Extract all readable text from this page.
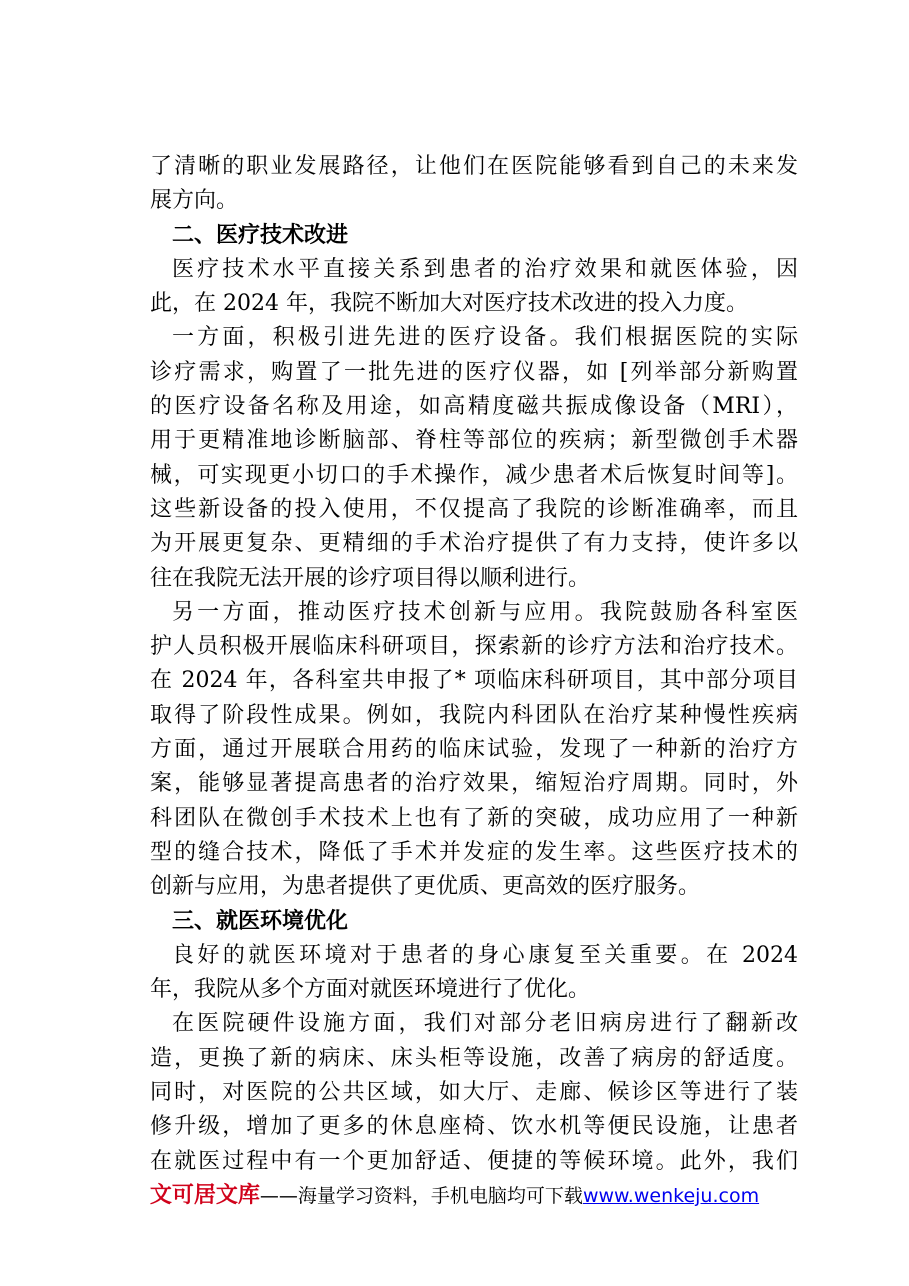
了清晰的职业发展路径，让他们在医院能够看到自己的未来发
展方向。
二、医疗技术改进
医疗技术水平直接关系到患者的治疗效果和就医体验，因
此，在 2024 年，我院不断加大对医疗技术改进的投入力度。
一方面，积极引进先进的医疗设备。我们根据医院的实际
诊疗需求，购置了一批先进的医疗仪器，如 [列举部分新购置
的医疗设备名称及用途，如高精度磁共振成像设备（MRI），
用于更精准地诊断脑部、脊柱等部位的疾病；新型微创手术器
械，可实现更小切口的手术操作，减少患者术后恢复时间等]。
这些新设备的投入使用，不仅提高了我院的诊断准确率，而且
为开展更复杂、更精细的手术治疗提供了有力支持，使许多以
往在我院无法开展的诊疗项目得以顺利进行。
另一方面，推动医疗技术创新与应用。我院鼓励各科室医
护人员积极开展临床科研项目，探索新的诊疗方法和治疗技术。
在 2024 年，各科室共申报了* 项临床科研项目，其中部分项目
取得了阶段性成果。例如，我院内科团队在治疗某种慢性疾病
方面，通过开展联合用药的临床试验，发现了一种新的治疗方
案，能够显著提高患者的治疗效果，缩短治疗周期。同时，外
科团队在微创手术技术上也有了新的突破，成功应用了一种新
型的缝合技术，降低了手术并发症的发生率。这些医疗技术的
创新与应用，为患者提供了更优质、更高效的医疗服务。
三、就医环境优化
良好的就医环境对于患者的身心康复至关重要。在 2024
年，我院从多个方面对就医环境进行了优化。
在医院硬件设施方面，我们对部分老旧病房进行了翻新改
造，更换了新的病床、床头柜等设施，改善了病房的舒适度。
同时，对医院的公共区域，如大厅、走廊、候诊区等进行了装
修升级，增加了更多的休息座椅、饮水机等便民设施，让患者
在就医过程中有一个更加舒适、便捷的等候环境。此外，我们
文可居文库——海量学习资料，手机电脑均可下载www.wenkeju.com
